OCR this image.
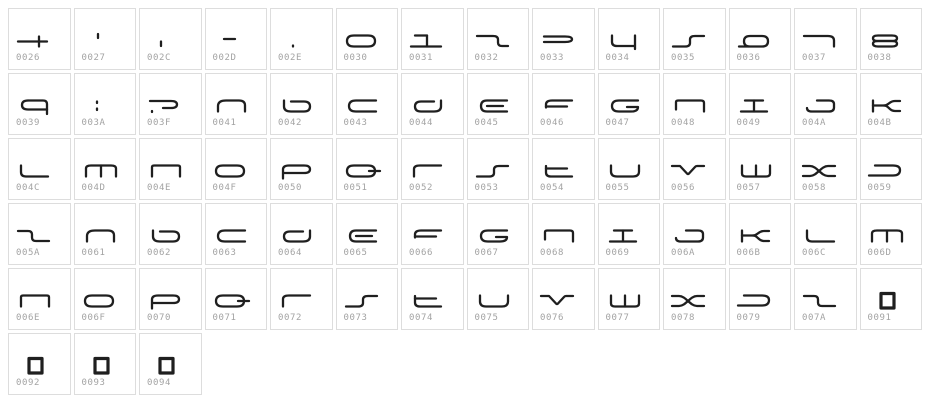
0026	0027	002C	002D	002E	0030	0031	0032	0033	0034	0035	0036	0037	0038
0039	003A	003F	0041	0042	0043	0044	0045	0046	0047	0048	0049	004A	004B
004C	004D	004E	004F	0050	0051	0052	0053	0054	0055	0056	0057	0058	0059
005A	0061	0062	0063	0064	0065	0066	0067	0068	0069	006A	006B	006C	006D
006E	006F	0070	0071	0072	0073	0074	0075	0076	0077	0078	0079	007A	0091
0092	0093	0094
